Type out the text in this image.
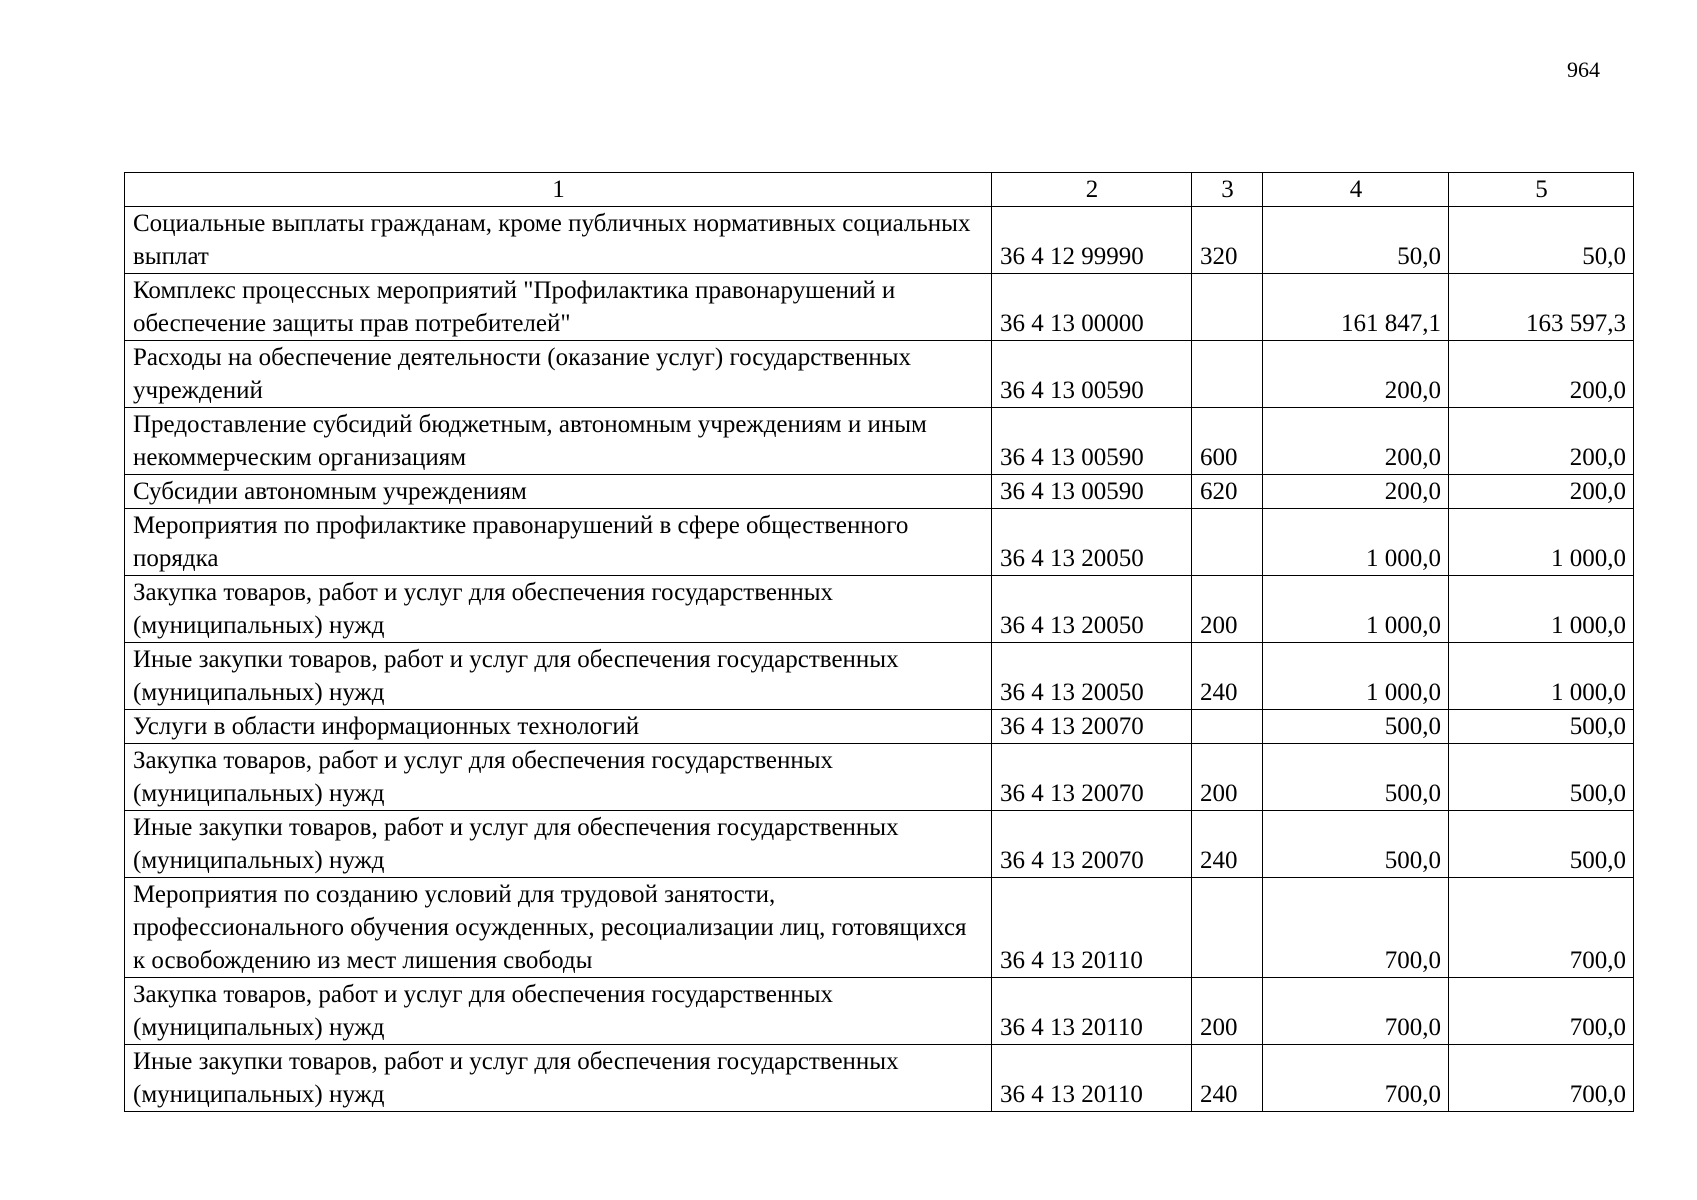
964
1	2	3	4	5
Социальные выплаты гражданам, кроме публичных нормативных социальных выплат	36 4 12 99990	320	50,0	50,0
Комплекс процессных мероприятий "Профилактика правонарушений и обеспечение защиты прав потребителей"	36 4 13 00000		161 847,1	163 597,3
Расходы на обеспечение деятельности (оказание услуг) государственных учреждений	36 4 13 00590		200,0	200,0
Предоставление субсидий бюджетным, автономным учреждениям и иным некоммерческим организациям	36 4 13 00590	600	200,0	200,0
Субсидии автономным учреждениям	36 4 13 00590	620	200,0	200,0
Мероприятия по профилактике правонарушений в сфере общественного порядка	36 4 13 20050		1 000,0	1 000,0
Закупка товаров, работ и услуг для обеспечения государственных (муниципальных) нужд	36 4 13 20050	200	1 000,0	1 000,0
Иные закупки товаров, работ и услуг для обеспечения государственных (муниципальных) нужд	36 4 13 20050	240	1 000,0	1 000,0
Услуги в области информационных технологий	36 4 13 20070		500,0	500,0
Закупка товаров, работ и услуг для обеспечения государственных (муниципальных) нужд	36 4 13 20070	200	500,0	500,0
Иные закупки товаров, работ и услуг для обеспечения государственных (муниципальных) нужд	36 4 13 20070	240	500,0	500,0
Мероприятия по созданию условий для трудовой занятости, профессионального обучения осужденных, ресоциализации лиц, готовящихся к освобождению из мест лишения свободы	36 4 13 20110		700,0	700,0
Закупка товаров, работ и услуг для обеспечения государственных (муниципальных) нужд	36 4 13 20110	200	700,0	700,0
Иные закупки товаров, работ и услуг для обеспечения государственных (муниципальных) нужд	36 4 13 20110	240	700,0	700,0
